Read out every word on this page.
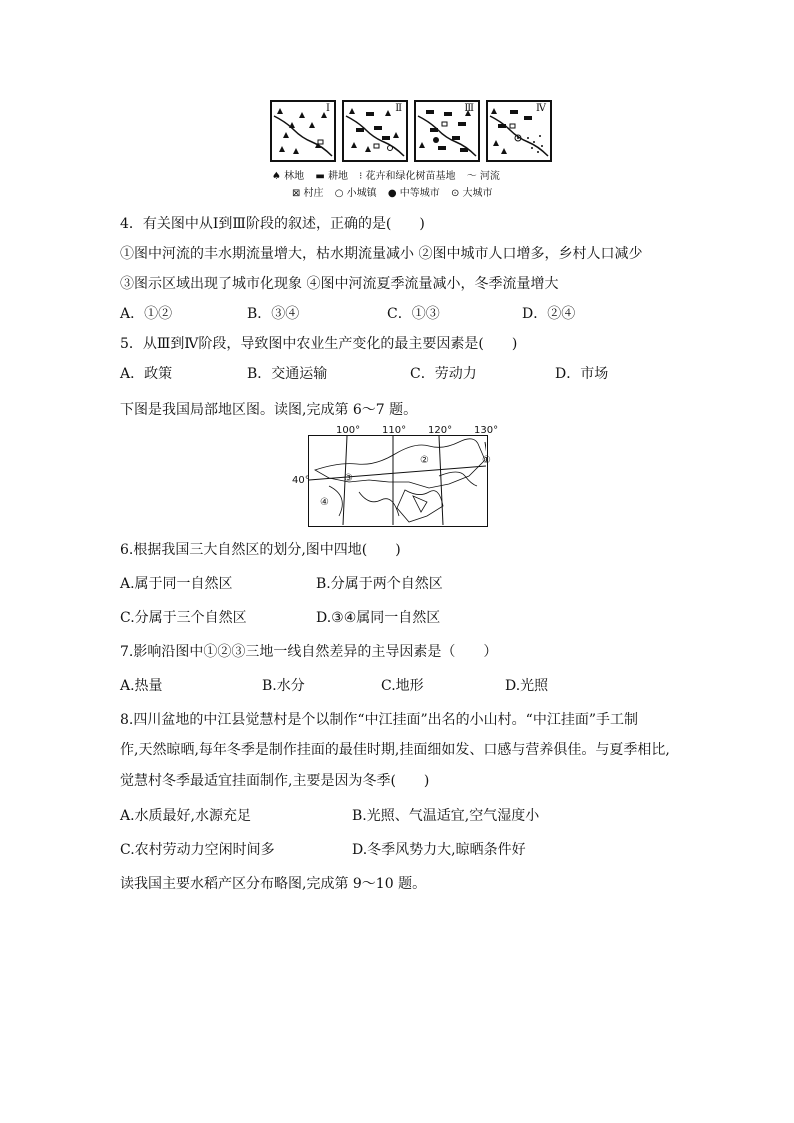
Ⅰ	Ⅱ	Ⅲ	Ⅳ
♠ 林地 ▬ 耕地 ⁝ 花卉和绿化树苗基地 〜 河流
⊠ 村庄 ○ 小城镇 ● 中等城市 ⊙ 大城市
4．有关图中从Ⅰ到Ⅲ阶段的叙述，正确的是(　　)
①图中河流的丰水期流量增大，枯水期流量减小 ②图中城市人口增多，乡村人口减少
③图示区域出现了城市化现象 ④图中河流夏季流量减小，冬季流量增大
A．①②	B．③④	C．①③	D．②④
5．从Ⅲ到Ⅳ阶段，导致图中农业生产变化的最主要因素是(　　)
A．政策	B．交通运输	C．劳动力	D．市场
下图是我国局部地区图。读图,完成第 6～7 题。
100° 110° 120° 130°
40°
①
②
③
④
6.根据我国三大自然区的划分,图中四地(　　)
A.属于同一自然区	B.分属于两个自然区
C.分属于三个自然区	D.③④属同一自然区
7.影响沿图中①②③三地一线自然差异的主导因素是（　　）
A.热量	B.水分	C.地形	D.光照
8.四川盆地的中江县觉慧村是个以制作“中江挂面”出名的小山村。“中江挂面”手工制
作,天然晾晒,每年冬季是制作挂面的最佳时期,挂面细如发、口感与营养俱佳。与夏季相比,
觉慧村冬季最适宜挂面制作,主要是因为冬季(　　)
A.水质最好,水源充足	B.光照、气温适宜,空气湿度小
C.农村劳动力空闲时间多	D.冬季风势力大,晾晒条件好
读我国主要水稻产区分布略图,完成第 9～10 题。
